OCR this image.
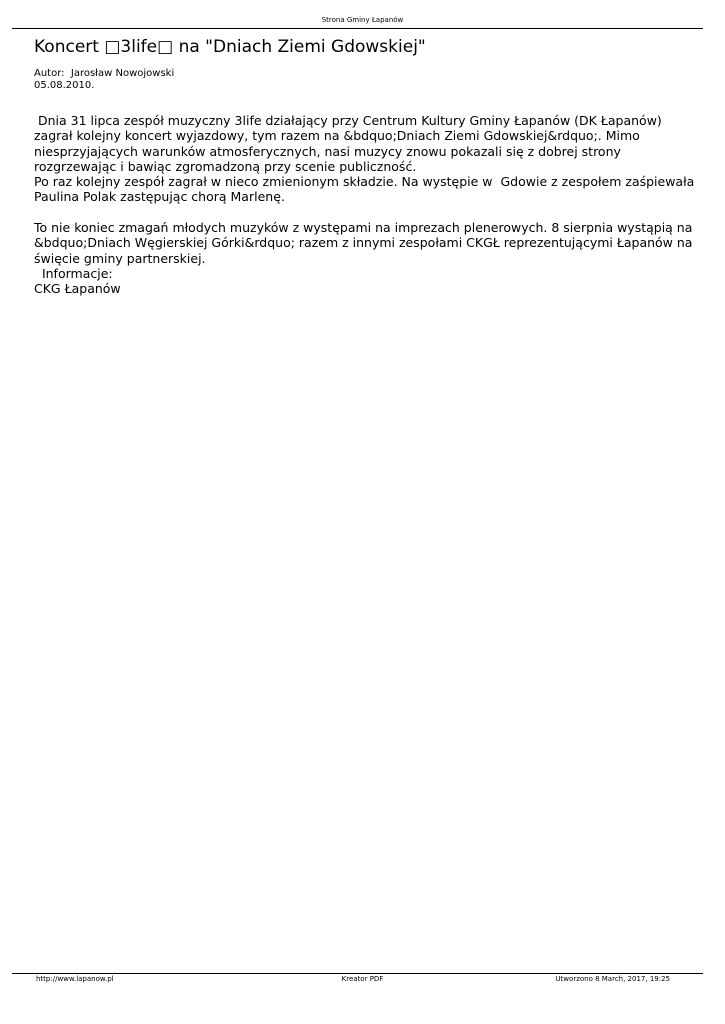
Strona Gminy Łapanów
Koncert □3life□ na "Dniach Ziemi Gdowskiej"
Autor:  Jarosław Nowojowski
05.08.2010.

Dnia 31 lipca zespół muzyczny 3life działający przy Centrum Kultury Gminy Łapanów (DK Łapanów)

zagrał kolejny koncert wyjazdowy, tym razem na &bdquo;Dniach Ziemi Gdowskiej&rdquo;. Mimo

niesprzyjających warunków atmosferycznych, nasi muzycy znowu pokazali się z dobrej strony

rozgrzewając i bawiąc zgromadzoną przy scenie publiczność.

Po raz kolejny zespół zagrał w nieco zmienionym składzie. Na występie w  Gdowie z zespołem zaśpiewała

Paulina Polak zastępując chorą Marlenę.

To nie koniec zmagań młodych muzyków z występami na imprezach plenerowych. 8 sierpnia wystąpią na

&bdquo;Dniach Węgierskiej Górki&rdquo; razem z innymi zespołami CKGŁ reprezentującymi Łapanów na

święcie gminy partnerskiej.

Informacje:

CKG Łapanów

http://www.lapanow.pl	Kreator PDF	Utworzono 8 March, 2017, 19:25
